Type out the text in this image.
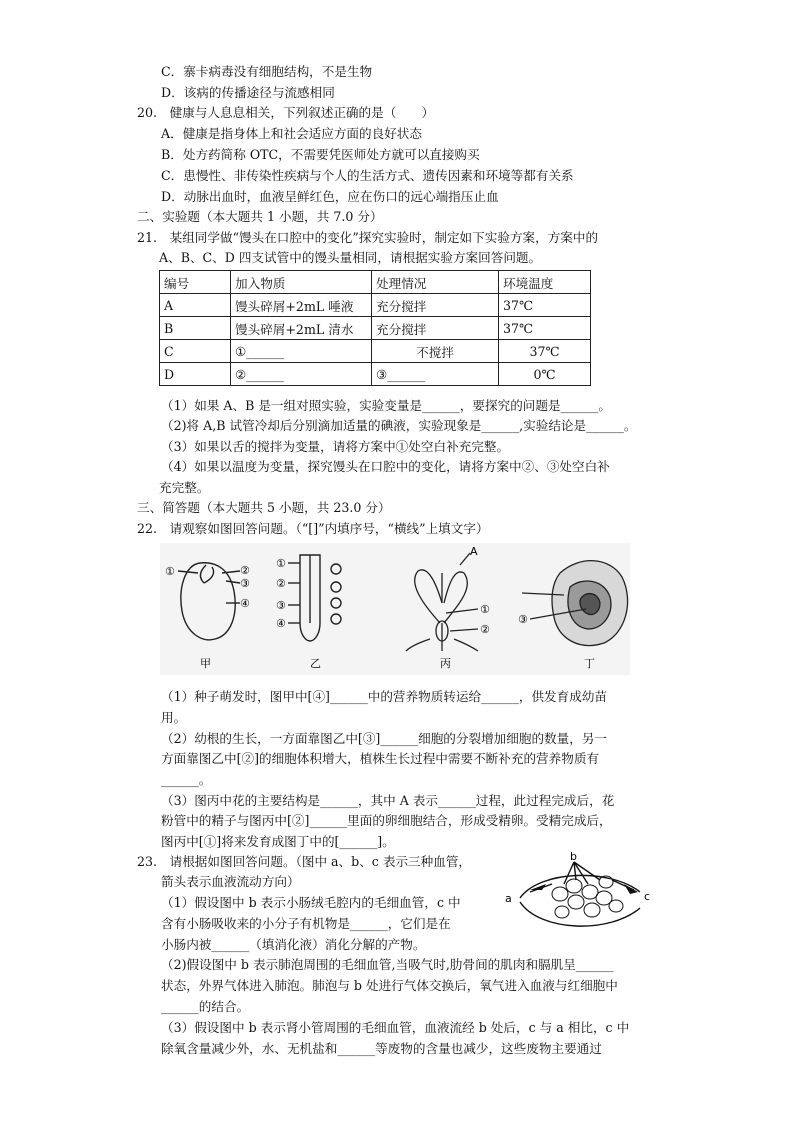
C．寨卡病毒没有细胞结构，不是生物
D．该病的传播途径与流感相同
20.　健康与人息息相关，下列叙述正确的是（　　）
A．健康是指身体上和社会适应方面的良好状态
B．处方药简称 OTC，不需要凭医师处方就可以直接购买
C．患慢性、非传染性疾病与个人的生活方式、遗传因素和环境等都有关系
D．动脉出血时，血液呈鲜红色，应在伤口的远心端指压止血
二、实验题（本大题共 1 小题，共 7.0 分）
21.　某组同学做“馒头在口腔中的变化”探究实验时，制定如下实验方案，方案中的
A、B、C、D 四支试管中的馒头量相同，请根据实验方案回答问题。
编号	加入物质	处理情况	环境温度
A	馒头碎屑+2mL 唾液	充分搅拌	37℃
B	馒头碎屑+2mL 清水	充分搅拌	37℃
C	①______	不搅拌	37℃
D	②______	③______	0℃
（1）如果 A、B 是一组对照实验，实验变量是______，要探究的问题是______。
（2)将 A,B 试管冷却后分别滴加适量的碘液，实验现象是______,实验结论是______。
（3）如果以舌的搅拌为变量，请将方案中①处空白补充完整。
（4）如果以温度为变量，探究馒头在口腔中的变化，请将方案中②、③处空白补
充完整。
三、简答题（本大题共 5 小题，共 23.0 分）
22.　请观察如图回答问题。（“[]”内填序号，“横线”上填文字）
①	②
③
④
甲
①
②
③
④
乙
A
①
②
丙
③
丁
（1）种子萌发时，图甲中[④]______中的营养物质转运给______，供发育成幼苗
用。
（2）幼根的生长，一方面靠图乙中[③]______细胞的分裂增加细胞的数量，另一
方面靠图乙中[②]的细胞体积增大，植株生长过程中需要不断补充的营养物质有
______。
（3）图丙中花的主要结构是______，其中 A 表示______过程，此过程完成后，花
粉管中的精子与图丙中[②]______里面的卵细胞结合，形成受精卵。受精完成后，
图丙中[①]将来发育成图丁中的[______]。
23.　请根据如图回答问题。（图中 a、b、c 表示三种血管，
箭头表示血液流动方向）
（1）假设图中 b 表示小肠绒毛腔内的毛细血管，c 中
含有小肠吸收来的小分子有机物是______，它们是在
小肠内被______（填消化液）消化分解的产物。
a
b
c
（2)假设图中 b 表示肺泡周围的毛细血管,当吸气时,肋骨间的肌肉和膈肌呈______
状态，外界气体进入肺泡。肺泡与 b 处进行气体交换后，氧气进入血液与红细胞中
______的结合。
（3）假设图中 b 表示肾小管周围的毛细血管，血液流经 b 处后，c 与 a 相比，c 中
除氧含量减少外，水、无机盐和______等废物的含量也减少，这些废物主要通过
